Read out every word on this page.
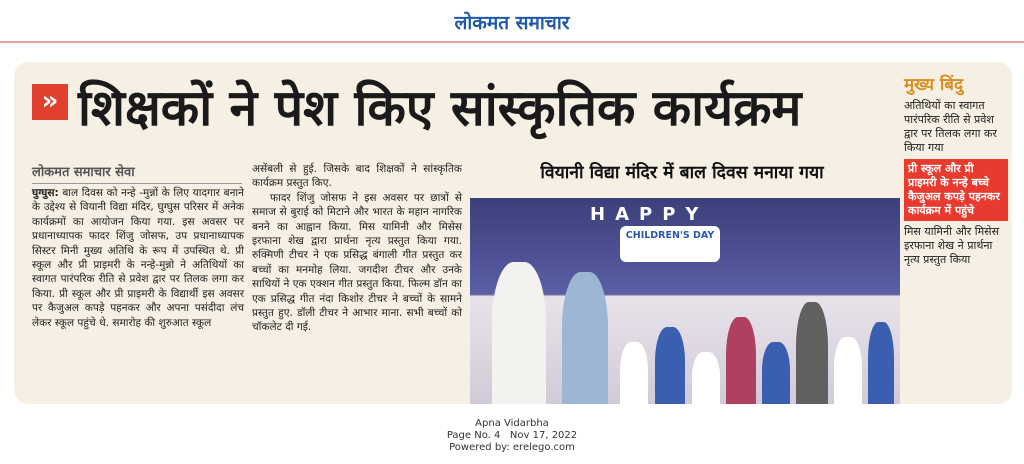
लोकमत समाचार
» शिक्षकों ने पेश किए सांस्कृतिक कार्यक्रम
लोकमत समाचार सेवा
घुग्घुस: बाल दिवस को नन्हे -मुन्नों के लिए यादगार बनाने के उद्देश्य से वियानी विद्या मंदिर, घुग्घुस परिसर में अनेक कार्यक्रमों का आयोजन किया गया. इस अवसर पर प्रधानाध्यापक फादर शिंजु जोसफ, उप प्रधानाध्यापक सिस्टर मिनी मुख्य अतिथि के रूप में उपस्थित थे. प्री स्कूल और प्री प्राइमरी के नन्हे-मुन्नो ने अतिथियों का स्वागत पारंपरिक रीति से प्रवेश द्वार पर तिलक लगा कर किया. प्री स्कूल और प्री प्राइमरी के विद्यार्थी इस अवसर पर कैजुअल कपड़े पहनकर और अपना पसंदीदा लंच लेकर स्कूल पहुंचे थे. समारोह की शुरुआत स्कूल
असेंबली से हुई. जिसके बाद शिक्षकों ने सांस्कृतिक कार्यक्रम प्रस्तुत किए.
फादर शिंजु जोसफ ने इस अवसर पर छात्रों से समाज से बुराई को मिटाने और भारत के महान नागरिक बनने का आह्वान किया. मिस यामिनी और मिसेस इरफाना शेख द्वारा प्रार्थना नृत्य प्रस्तुत किया गया. रुक्मिणी टीचर ने एक प्रसिद्ध बंगाली गीत प्रस्तुत कर बच्चों का मनमोह लिया. जगदीश टीचर और उनके साथियों ने एक एक्शन गीत प्रस्तुत किया. फिल्म डॉन का एक प्रसिद्ध गीत नंदा किशोर टीचर ने बच्चों के सामने प्रस्तुत हुए. डॉली टीचर ने आभार माना. सभी बच्चों को चॉकलेट दी गई.
वियानी विद्या मंदिर में बाल दिवस मनाया गया
HAPPY
CHILDREN'S DAY
मुख्य बिंदु
अतिथियों का स्वागत पारंपरिक रीति से प्रवेश द्वार पर तिलक लगा कर किया गया
प्री स्कूल और प्री प्राइमरी के नन्हे बच्चे कैजुअल कपड़े पहनकर कार्यक्रम में पहुंचे
मिस यामिनी और मिसेस इरफाना शेख ने प्रार्थना नृत्य प्रस्तुत किया
Apna Vidarbha
Page No. 4 Nov 17, 2022
Powered by: erelego.com
